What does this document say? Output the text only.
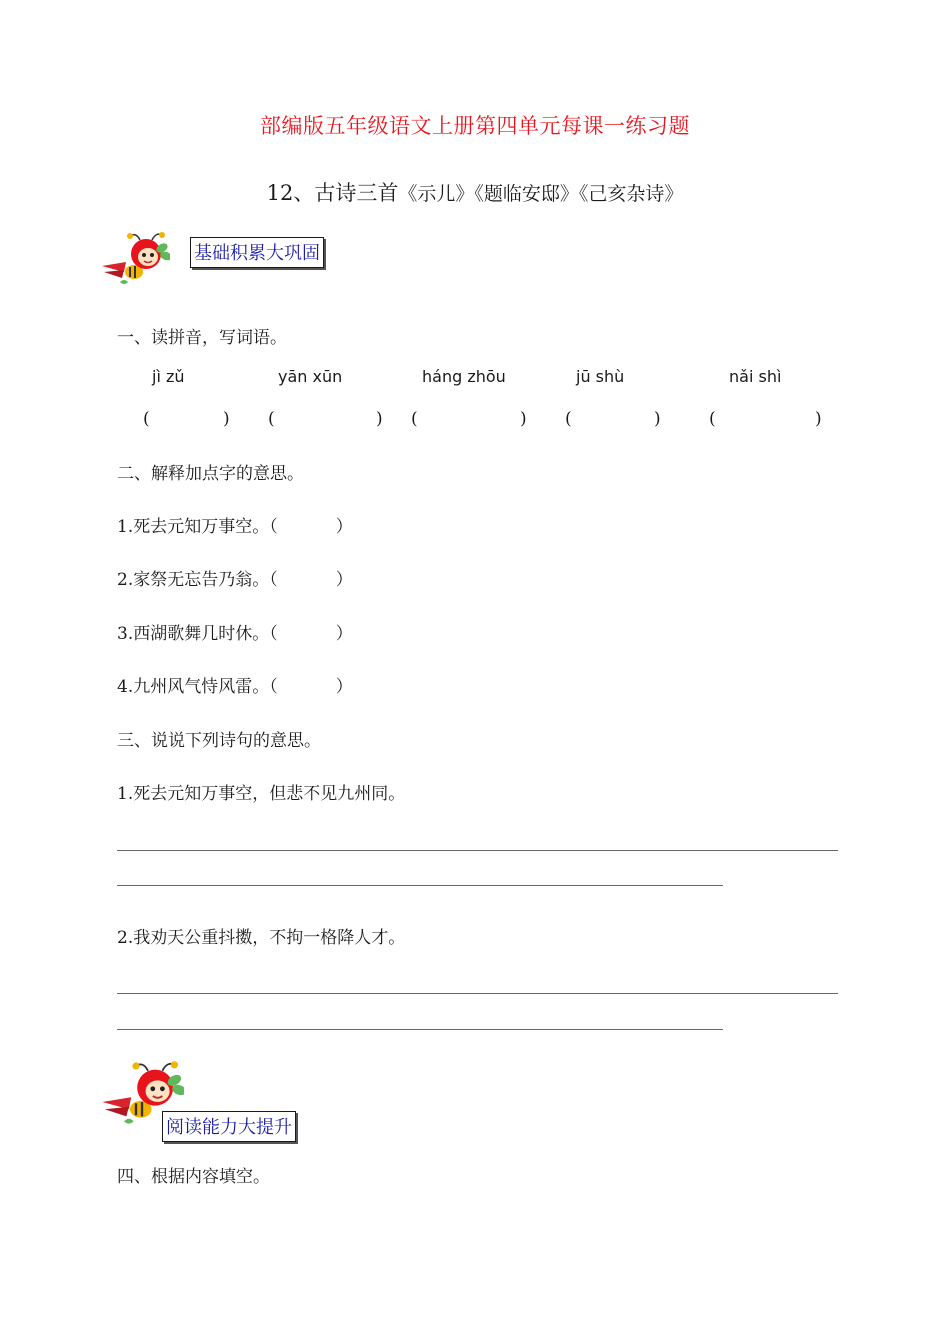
部编版五年级语文上册第四单元每课一练习题
12、古诗三首《示儿》《题临安邸》《己亥杂诗》
基础积累大巩固
一、读拼音，写词语。
jì zǔ	yān xūn	háng zhōu	jū shù	nǎi shì
(	) (	) (	) (	)	(	)
二、解释加点字的意思。
1.死去元知万事空。（	）
2.家祭无忘告乃翁。（	）
3.西湖歌舞几时休。（	）
4.九州风气恃风雷。（	）
三、说说下列诗句的意思。
1.死去元知万事空，但悲不见九州同。
2.我劝天公重抖擞，不拘一格降人才。
阅读能力大提升
四、根据内容填空。
